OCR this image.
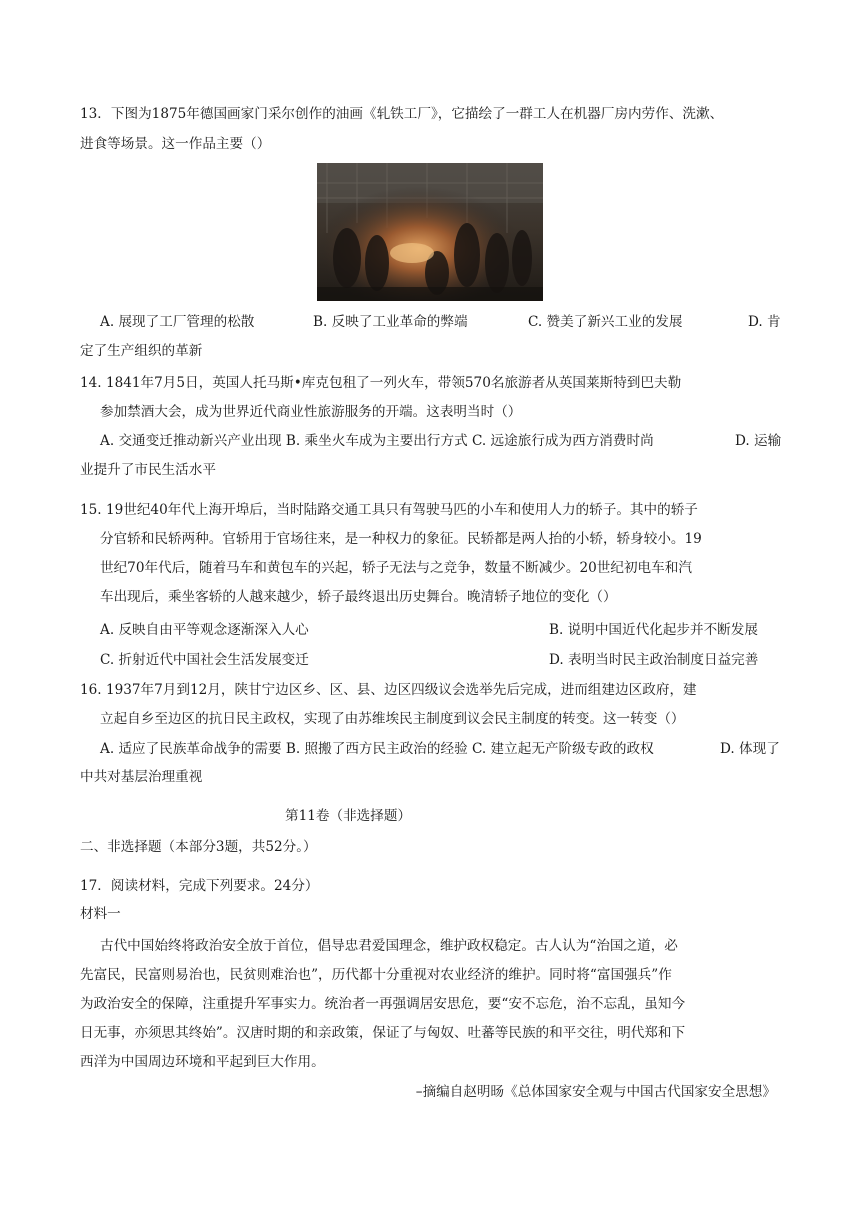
13．下图为1875年德国画家门采尔创作的油画《轧铁工厂》，它描绘了一群工人在机器厂房内劳作、洗漱、
进食等场景。这一作品主要（）
A. 展现了工厂管理的松散	B. 反映了工业革命的弊端	C. 赞美了新兴工业的发展	D. 肯
定了生产组织的革新
14. 1841年7月5日，英国人托马斯•库克包租了一列火车，带领570名旅游者从英国莱斯特到巴夫勒
参加禁酒大会，成为世界近代商业性旅游服务的开端。这表明当时（）
A. 交通变迁推动新兴产业出现 B. 乘坐火车成为主要出行方式 C. 远途旅行成为西方消费时尚	D. 运输
业提升了市民生活水平
15. 19世纪40年代上海开埠后，当时陆路交通工具只有驾驶马匹的小车和使用人力的轿子。其中的轿子
分官轿和民轿两种。官轿用于官场往来，是一种权力的象征。民轿都是两人抬的小轿，轿身较小。19
世纪70年代后，随着马车和黄包车的兴起，轿子无法与之竞争，数量不断减少。20世纪初电车和汽
车出现后，乘坐客轿的人越来越少，轿子最终退出历史舞台。晚清轿子地位的变化（）
A. 反映自由平等观念逐渐深入人心	B. 说明中国近代化起步并不断发展
C. 折射近代中国社会生活发展变迁	D. 表明当时民主政治制度日益完善
16. 1937年7月到12月，陕甘宁边区乡、区、县、边区四级议会选举先后完成，进而组建边区政府，建
立起自乡至边区的抗日民主政权，实现了由苏维埃民主制度到议会民主制度的转变。这一转变（）
A. 适应了民族革命战争的需要 B. 照搬了西方民主政治的经验 C. 建立起无产阶级专政的政权	D. 体现了
中共对基层治理重视
第11卷（非选择题）
二、非选择题（本部分3题，共52分。）
17．阅读材料，完成下列要求。24分）
材料一
古代中国始终将政治安全放于首位，倡导忠君爱国理念，维护政权稳定。古人认为“治国之道，必
先富民，民富则易治也，民贫则难治也”，历代都十分重视对农业经济的维护。同时将“富国强兵”作
为政治安全的保障，注重提升军事实力。统治者一再强调居安思危，要“安不忘危，治不忘乱，虽知今
日无事，亦须思其终始”。汉唐时期的和亲政策，保证了与匈奴、吐蕃等民族的和平交往，明代郑和下
西洋为中国周边环境和平起到巨大作用。
–摘编自赵明旸《总体国家安全观与中国古代国家安全思想》
